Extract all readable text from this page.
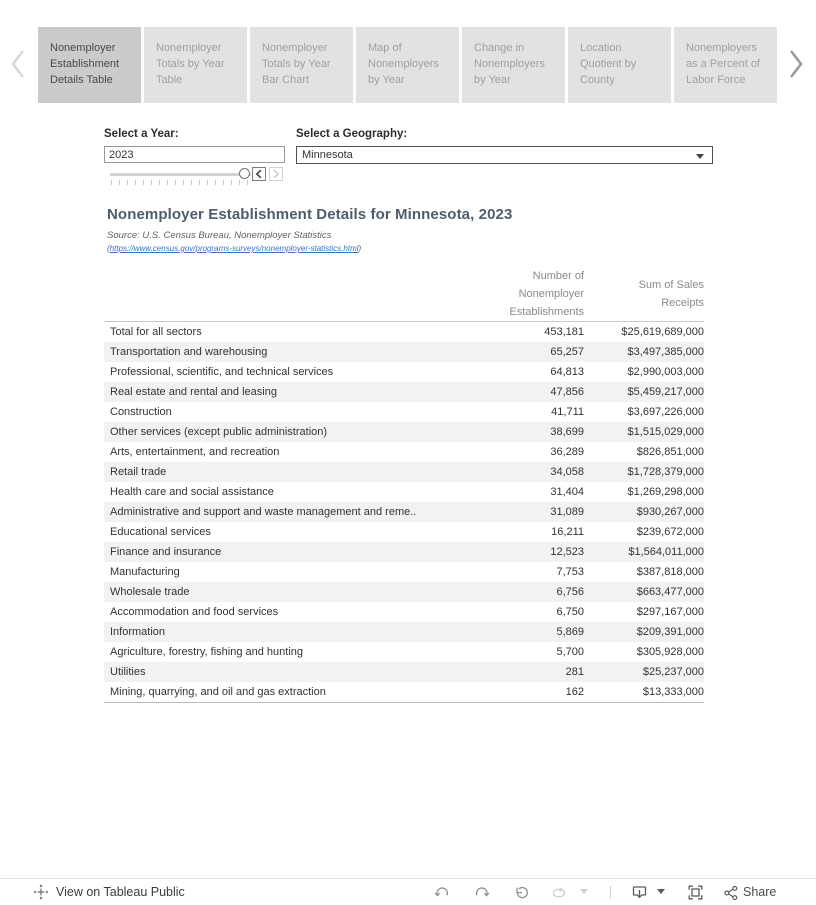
Nonemployer Establishment Details Table
Nonemployer Totals by Year Table
Nonemployer Totals by Year Bar Chart
Map of Nonemployers by Year
Change in Nonemployers by Year
Location Quotient by County
Nonemployers as a Percent of Labor Force
Select a Year:
2023	Select a Geography:
Minnesota
Nonemployer Establishment Details for Minnesota, 2023
Source: U.S. Census Bureau, Nonemployer Statistics
(https://www.census.gov/programs-surveys/nonemployer-statistics.html)
Number of
Nonemployer
Establishments
Sum of Sales
Receipts
Total for all sectors	453,181	$25,619,689,000
Transportation and warehousing	65,257	$3,497,385,000
Professional, scientific, and technical services	64,813	$2,990,003,000
Real estate and rental and leasing	47,856	$5,459,217,000
Construction	41,711	$3,697,226,000
Other services (except public administration)	38,699	$1,515,029,000
Arts, entertainment, and recreation	36,289	$826,851,000
Retail trade	34,058	$1,728,379,000
Health care and social assistance	31,404	$1,269,298,000
Administrative and support and waste management and reme..	31,089	$930,267,000
Educational services	16,211	$239,672,000
Finance and insurance	12,523	$1,564,011,000
Manufacturing	7,753	$387,818,000
Wholesale trade	6,756	$663,477,000
Accommodation and food services	6,750	$297,167,000
Information	5,869	$209,391,000
Agriculture, forestry, fishing and hunting	5,700	$305,928,000
Utilities	281	$25,237,000
Mining, quarrying, and oil and gas extraction	162	$13,333,000
View on Tableau Public	Share
